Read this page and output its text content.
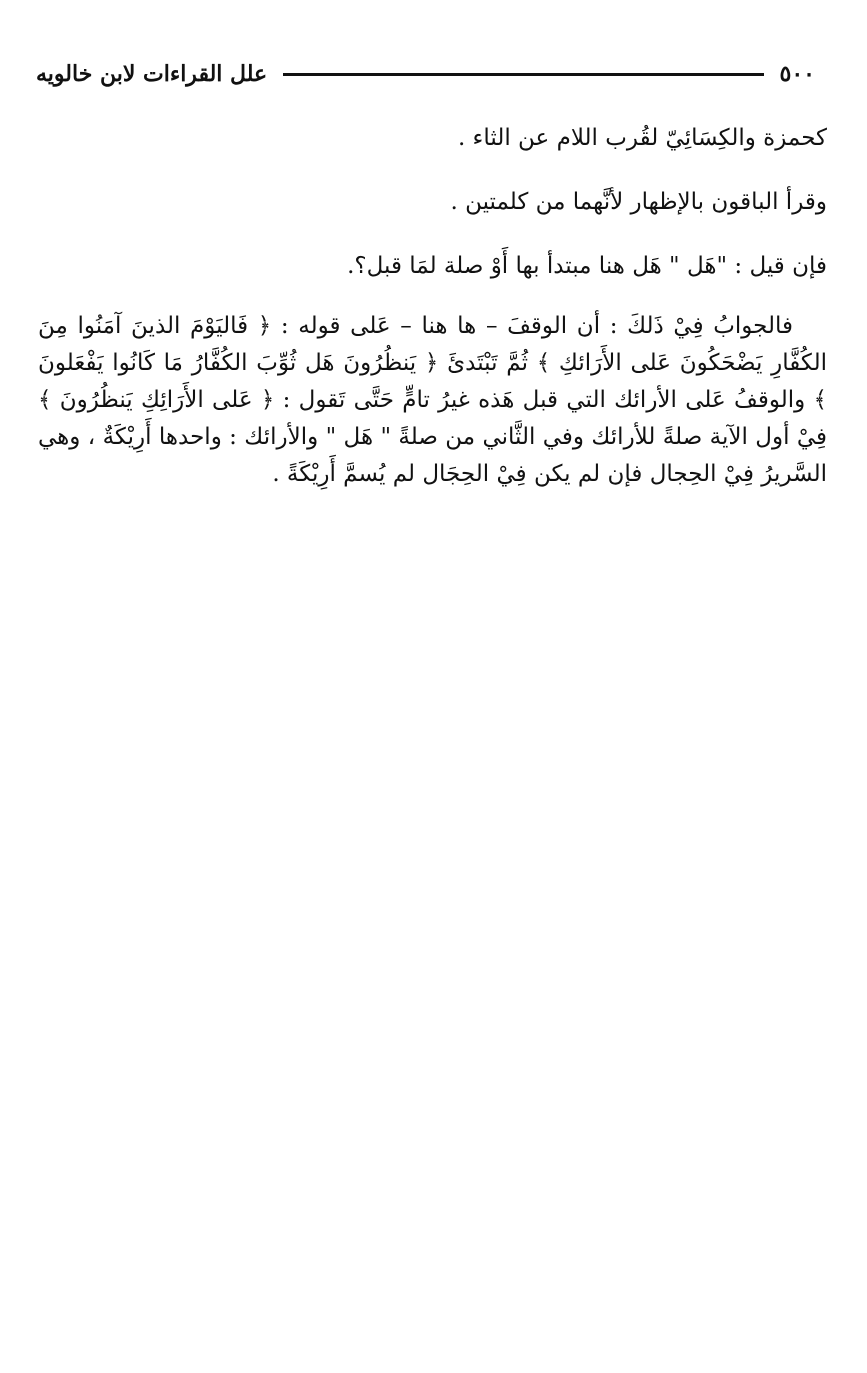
٥٠٠
علل القراءات لابن خالويه

كحمزة والكِسَائِيّ لقُرب اللام عن الثاء .

وقرأ الباقون بالإظهار لأنَّهما من كلمتين .

فإن قيل : "هَل " هَل هنا مبتدأ بها أَوْ صلة لمَا قبل؟.

فالجوابُ فِيْ ذَلكَ : أن الوقفَ – ها هنا – عَلى قوله : ﴿ فَاليَوْمَ الذينَ آمَنُوا مِنَ الكُفَّارِ يَضْحَكُونَ عَلى الأَرَائكِ ﴾ ثُمَّ تَبْتَدئَ ﴿ يَنظُرُونَ هَل ثُوِّبَ الكُفَّارُ مَا كَانُوا يَفْعَلونَ ﴾ والوقفُ عَلى الأرائك التي قبل هَذه غيرُ تامٍّ حَتَّى تَقول : ﴿ عَلى الأَرَائِكِ يَنظُرُونَ ﴾ فِيْ أول الآية صلةً للأرائك وفي الثَّاني من صلةً " هَل " والأرائك : واحدها أَرِيْكَةٌ ، وهي السَّريرُ فِيْ الحِجال فإن لم يكن فِيْ الحِجَال لم يُسمَّ أَرِيْكَةً .
